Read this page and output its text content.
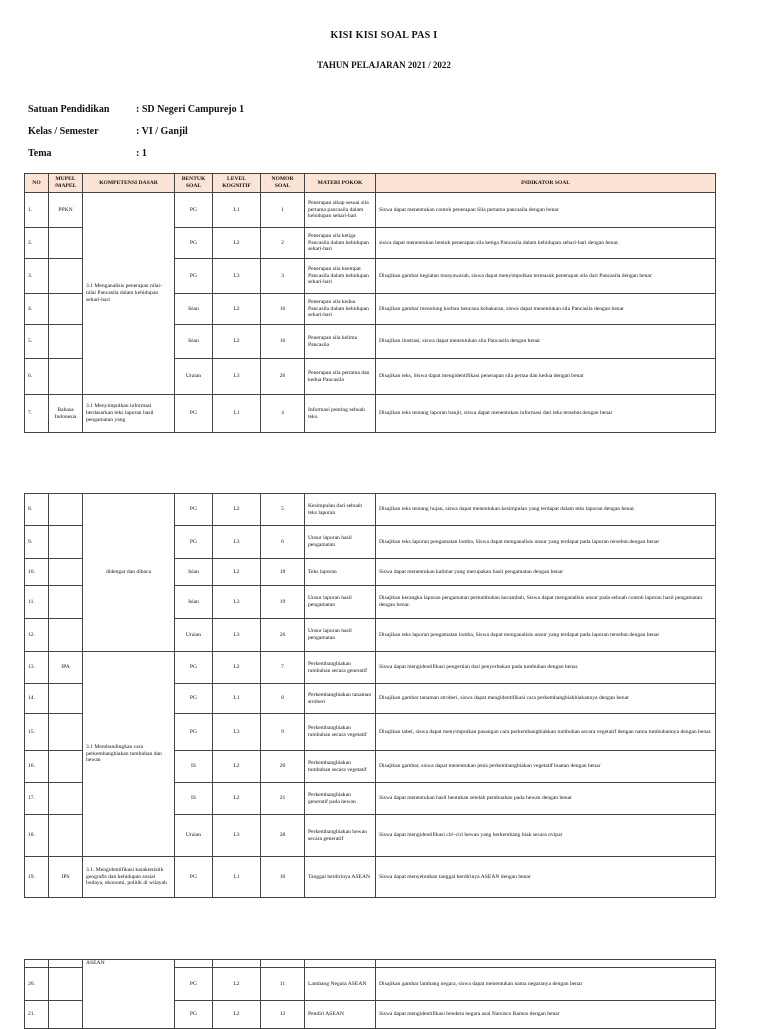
KISI KISI SOAL PAS I
TAHUN PELAJARAN 2021 / 2022
Satuan Pendidikan	: SD Negeri Campurejo 1
Kelas / Semester	: VI / Ganjil
Tema	: 1
NO	MUPEL /MAPEL	KOMPETENSI DASAR	BENTUK SOAL	LEVEL KOGNITIF	NOMOR SOAL	MATERI POKOK	INDIKATOR SOAL
1.	PPKN	3.1 Menganalisis penerapan nilai-nilai Pancasila dalam kehidupan sehari-hari	PG	L1	1	Penerapan sikap sesuai sila pertama pancasila dalam kehidupan sehari-hari	Siswa dapat menentukan contoh penerapan Sila pertama pancasila dengan benar
2.			PG	L2	2	Penerapan sila ketiga Pancasila dalam kehidupan sehari-hari	siswa dapat menentukan bentuk penerapan sila ketiga Pancasila dalam kehidupan sehari-hari dengan benar.
3.			PG	L3	3	Penerapan sila keempat Pancasila dalam kehidupan sehari-hari	Disajikan gambar kegiatan musyawarah, siswa dapat menyimpulkan termasuk penerapan sila dari Pancasila dengan benar
4.			Isian	L2	16	Penerapan sila kedua Pancasila dalam kehidupan sehari-hari	Disajikan gambar menolong korban bencana kebakaran, siswa dapat menentukan sila Pancasila dengan benar
5.			Isian	L2	16	Penerapan sila kelima Pancasila	Disajikan ilustrasi, siswa dapat menentukan sila Pancasila dengan benar
6.			Uraian	L3	26	Penerapan sila pertama dan kedua Pancasila	Disajikan teks, Siswa dapat mengidentifikasi penerapan sila pertaa dan kedua dengan benar
7.	Bahasa Indonesia	3.1 Menyimpulkan informasi berdasarkan teks laporan hasil pengamatan yang	PG	L1	4	Informasi penting sebuah teks.	Disajikan teks tentang laporan banjir, siswa dapat menentukan informasi dari teks tersebut.dengan benar
8.		didengar dan dibaca	PG	L2	5	Kesimpulan dari sebuah teks laporan	Disajikan teks tentang hujan, siswa dapat menentukan kesimpulan yang terdapat dalam teks laporan dengan benar.
9.			PG	L3	6	Unsur laporan hasil pengamatan	Disajikan teks laporan pengamatan lomba, Siswa dapat menganalisis unsur yang terdapat pada laporan tersebut.dengan benar
10.			Isian	L2	18	Teks laporan	Siswa dapat menentukan kalimat yang merupakan hasil pengamatan dengan benar
11.			Isian	L3	19	Unsur laporan hasil pengamatan	Disajikan kerangka laporan pengamatan pertumbuhan kecambah, Siswa dapat menganalisis unsur pada sebuah contoh laporan hasil pengamatan dengan benar.
12.			Uraian	L3	26	Unsur laporan hasil pengamatan	Disajikan teks laporan pengamatan lomba, Siswa dapat menganalisis unsur yang terdapat pada laporan tersebut.dengan benar
13.	IPA	3.1 Membandingkan cara perkembangbiakan tumbuhan dan hewan	PG	L2	7	Perkembangbiakan tumbuhan secara generatif	Siswa dapat mengidentifikasi pengertian dari penyerbukan pada tumbuhan dengan benar.
14.			PG	L1	8	Perkembangbiakan tanaman stroberi	Disajikan gambar tanaman stroberi, siswa dapat mengidentifikasi cara perkembangbiakbiakannya dengan benar
15.			PG	L3	9	Perkembangbiakan tumbuhan secara vegetatif	Disajikan tabel, siswa dapat menyimpulkan pasangan cara perkembangbiakkan tumbuhan secara vegetatif dengan nama tumbuhannya dengan benar.
16.			IS	L2	20	Perkembangbiakan tumbuhan secara vegetatif	Disajikan gambar, siswa dapat menentukan jenis perkembangbiakan vegetatif buatan dengan benar
17.			IS	L2	21	Perkembangbiakan generatif pada hewan	Siswa dapat menentukan hasil bentukan setelah pembuahan pada hewan dengan benar
18.			Uraian	L3	28	Perkembangbiakan hewan secara generatif	Siswa dapat mengidentifikasi ciri-ciri hewan yang berkembang biak secara ovipar
19.	IPS	3.1. Mengidentifikasi karakteristik geografis dan kehidupan sosial budaya, ekonomi, politik di wilayah	PG	L1	10	Tanggal berdirinya ASEAN	Siswa dapat menyebutkan tanggal berdirinya ASEAN dengan benar
		ASEAN					
20.			PG	L2	11	Lambang Negara ASEAN	Disajikan gambar lambang negara, siswa dapat menentukan nama negaranya dengan benar
21.			PG	L2	12	Pendiri ASEAN	Siswa dapat mengidentifikasi bendera negara asal Narsisco Ramos dengan benar
